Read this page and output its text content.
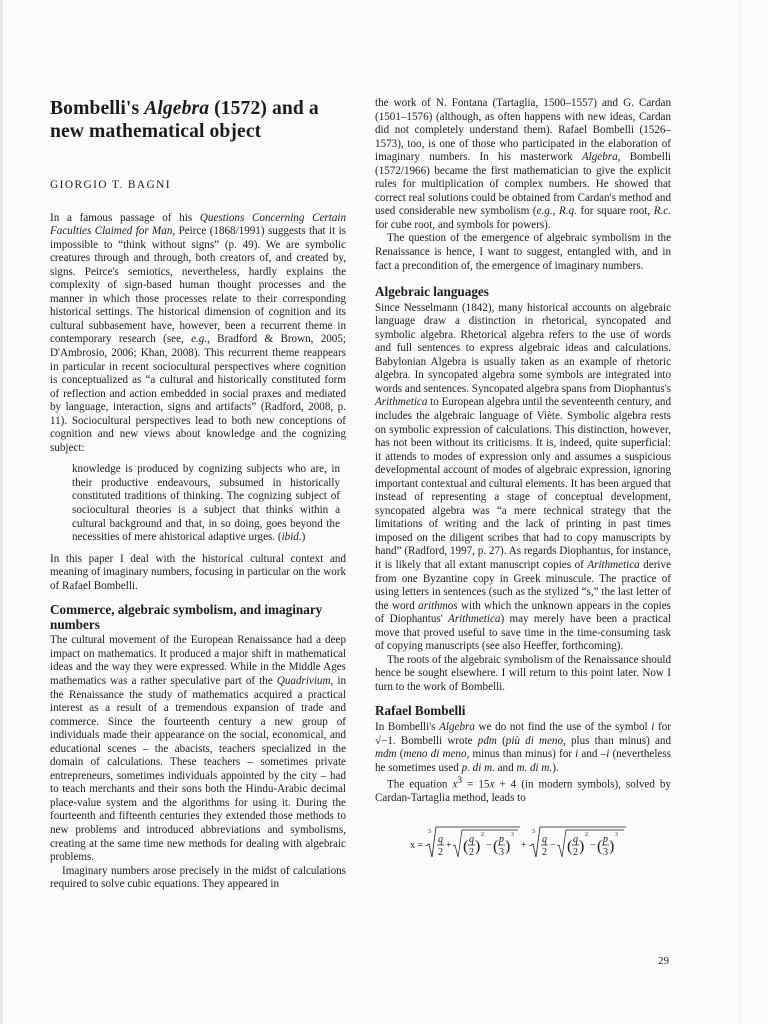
Bombelli's Algebra (1572) and a new mathematical object
GIORGIO T. BAGNI

In a famous passage of his Questions Concerning Certain Faculties Claimed for Man, Peirce (1868/1991) suggests that it is impossible to “think without signs” (p. 49). We are symbolic creatures through and through, both creators of, and created by, signs. Peirce's semiotics, nevertheless, hardly explains the complexity of sign-based human thought processes and the manner in which those processes relate to their corresponding historical settings. The historical dimension of cognition and its cultural subbasement have, however, been a recurrent theme in contemporary research (see, e.g., Bradford & Brown, 2005; D'Ambrosio, 2006; Khan, 2008). This recurrent theme reappears in particular in recent sociocultural perspectives where cognition is conceptualized as “a cultural and historically constituted form of reflection and action embedded in social praxes and mediated by language, interaction, signs and artifacts” (Radford, 2008, p. 11). Sociocultural perspectives lead to both new conceptions of cognition and new views about knowledge and the cognizing subject:

knowledge is produced by cognizing subjects who are, in their productive endeavours, subsumed in historically constituted traditions of thinking. The cognizing subject of sociocultural theories is a subject that thinks within a cultural background and that, in so doing, goes beyond the necessities of mere ahistorical adaptive urges. (ibid.)

In this paper I deal with the historical cultural context and meaning of imaginary numbers, focusing in particular on the work of Rafael Bombelli.

Commerce, algebraic symbolism, and imaginary numbers

The cultural movement of the European Renaissance had a deep impact on mathematics. It produced a major shift in mathematical ideas and the way they were expressed. While in the Middle Ages mathematics was a rather speculative part of the Quadrivium, in the Renaissance the study of mathematics acquired a practical interest as a result of a tremendous expansion of trade and commerce. Since the fourteenth century a new group of individuals made their appearance on the social, economical, and educational scenes – the abacists, teachers specialized in the domain of calculations. These teachers – sometimes private entrepreneurs, sometimes individuals appointed by the city – had to teach merchants and their sons both the Hindu-Arabic decimal place-value system and the algorithms for using it. During the fourteenth and fifteenth centuries they extended those methods to new problems and introduced abbreviations and symbolisms, creating at the same time new methods for dealing with algebraic problems.

Imaginary numbers arose precisely in the midst of calculations required to solve cubic equations. They appeared in

the work of N. Fontana (Tartaglia, 1500–1557) and G. Cardan (1501–1576) (although, as often happens with new ideas, Cardan did not completely understand them). Rafael Bombelli (1526–1573), too, is one of those who participated in the elaboration of imaginary numbers. In his masterwork Algebra, Bombelli (1572/1966) became the first mathematician to give the explicit rules for multiplication of complex numbers. He showed that correct real solutions could be obtained from Cardan's method and used considerable new symbolism (e.g., R.q. for square root, R.c. for cube root, and symbols for powers).

The question of the emergence of algebraic symbolism in the Renaissance is hence, I want to suggest, entangled with, and in fact a precondition of, the emergence of imaginary numbers.

Algebraic languages

Since Nesselmann (1842), many historical accounts on algebraic language draw a distinction in rhetorical, syncopated and symbolic algebra. Rhetorical algebra refers to the use of words and full sentences to express algebraic ideas and calculations. Babylonian Algebra is usually taken as an example of rhetoric algebra. In syncopated algebra some symbols are integrated into words and sentences. Syncopated algebra spans from Diophantus's Arithmetica to European algebra until the seventeenth century, and includes the algebraic language of Viète. Symbolic algebra rests on symbolic expression of calculations. This distinction, however, has not been without its criticisms. It is, indeed, quite superficial: it attends to modes of expression only and assumes a suspicious developmental account of modes of algebraic expression, ignoring important contextual and cultural elements. It has been argued that instead of representing a stage of conceptual development, syncopated algebra was “a mere technical strategy that the limitations of writing and the lack of printing in past times imposed on the diligent scribes that had to copy manuscripts by hand” (Radford, 1997, p. 27). As regards Diophantus, for instance, it is likely that all extant manuscript copies of Arithmetica derive from one Byzantine copy in Greek minuscule. The practice of using letters in sentences (such as the stylized “s,” the last letter of the word arithmos with which the unknown appears in the copies of Diophantus' Arithmetica) may merely have been a practical move that proved useful to save time in the time-consuming task of copying manuscripts (see also Heeffer, forthcoming).

The roots of the algebraic symbolism of the Renaissance should hence be sought elsewhere. I will return to this point later. Now I turn to the work of Bombelli.

Rafael Bombelli

In Bombelli's Algebra we do not find the use of the symbol i for √−1. Bombelli wrote pdm (più di meno, plus than minus) and mdm (meno di meno, minus than minus) for i and –i (nevertheless he sometimes used p. di m. and m. di m.).

The equation $x^3 = 15x + 4$ (in modern symbols), solved by Cardan-Tartaglia method, leads to

x =
3
q
2
+ ( q
2 )
2
− ( p
3 )
3
+
3
q
2
− ( q
2 )
2
− ( p
3 )
3
29
